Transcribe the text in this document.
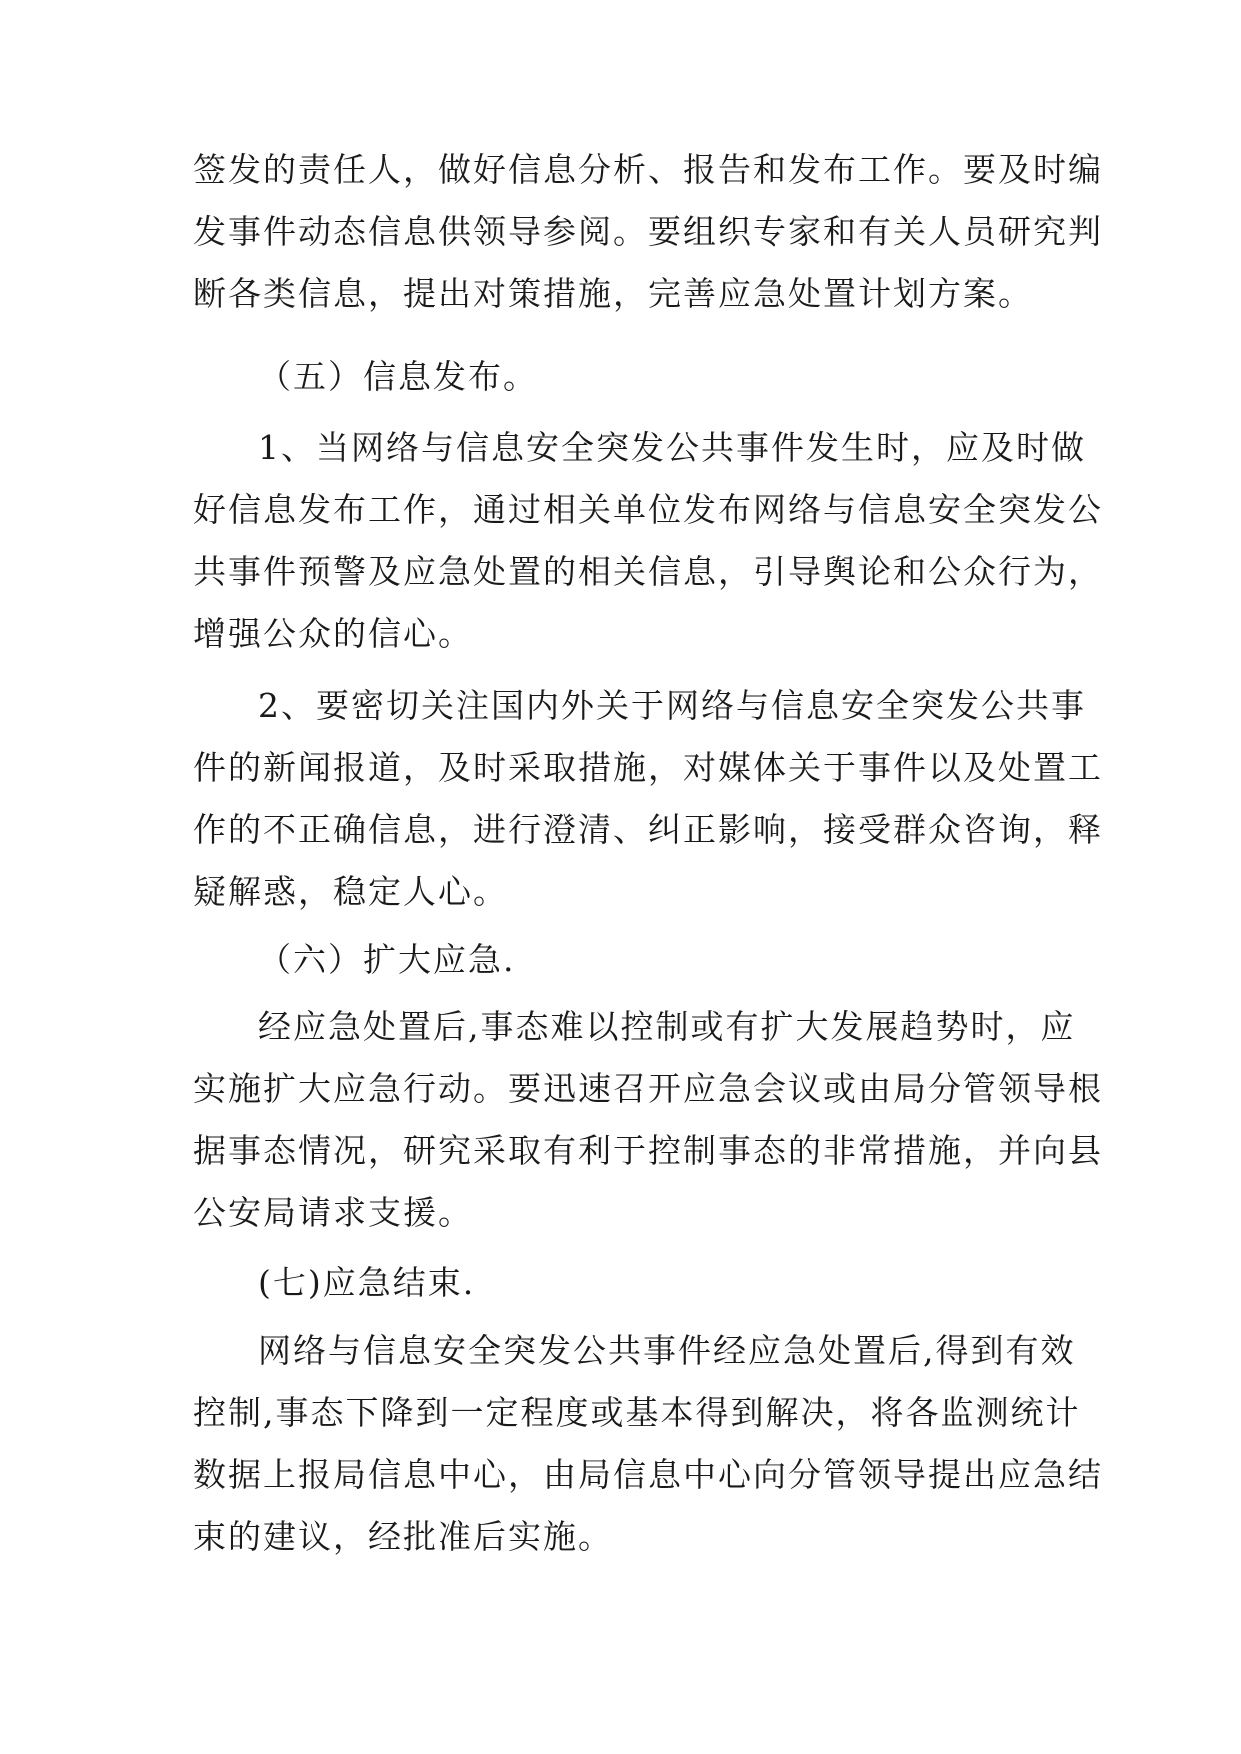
签发的责任人，做好信息分析、报告和发布工作。要及时编
发事件动态信息供领导参阅。要组织专家和有关人员研究判
断各类信息，提出对策措施，完善应急处置计划方案。
（五）信息发布。
1、当网络与信息安全突发公共事件发生时，应及时做
好信息发布工作，通过相关单位发布网络与信息安全突发公
共事件预警及应急处置的相关信息，引导舆论和公众行为，
增强公众的信心。
2、要密切关注国内外关于网络与信息安全突发公共事
件的新闻报道，及时采取措施，对媒体关于事件以及处置工
作的不正确信息，进行澄清、纠正影响，接受群众咨询，释
疑解惑，稳定人心。
（六）扩大应急.
经应急处置后,事态难以控制或有扩大发展趋势时，应
实施扩大应急行动。要迅速召开应急会议或由局分管领导根
据事态情况，研究采取有利于控制事态的非常措施，并向县
公安局请求支援。
(七)应急结束.
网络与信息安全突发公共事件经应急处置后,得到有效
控制,事态下降到一定程度或基本得到解决，将各监测统计
数据上报局信息中心，由局信息中心向分管领导提出应急结
束的建议，经批准后实施。
